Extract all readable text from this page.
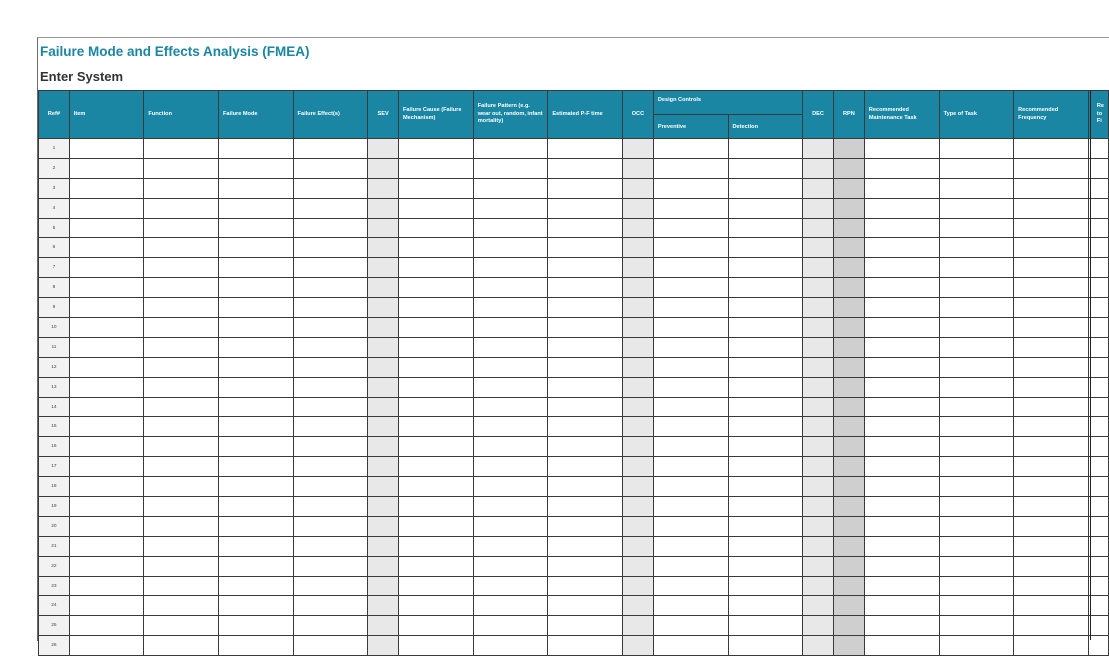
Failure Mode and Effects Analysis (FMEA)
Enter System
Ref#	Item	Function	Failure Mode	Failure Effect(s)	SEV	Failure Cause (Failure Mechanism)	Failure Pattern (e.g. wear out, random, infant mortality)	Estimated P-F time	OCC	Design Controls		DEC	RPN	Recommended Maintenance Task	Type of Task	Recommended Frequency	Re to Fi
										Preventive	Detection						
1																	
2																	
3																	
4																	
5																	
6																	
7																	
8																	
9																	
10																	
11																	
12																	
13																	
14																	
15																	
16																	
17																	
18																	
19																	
20																	
21																	
22																	
23																	
24																	
25																	
26																	
